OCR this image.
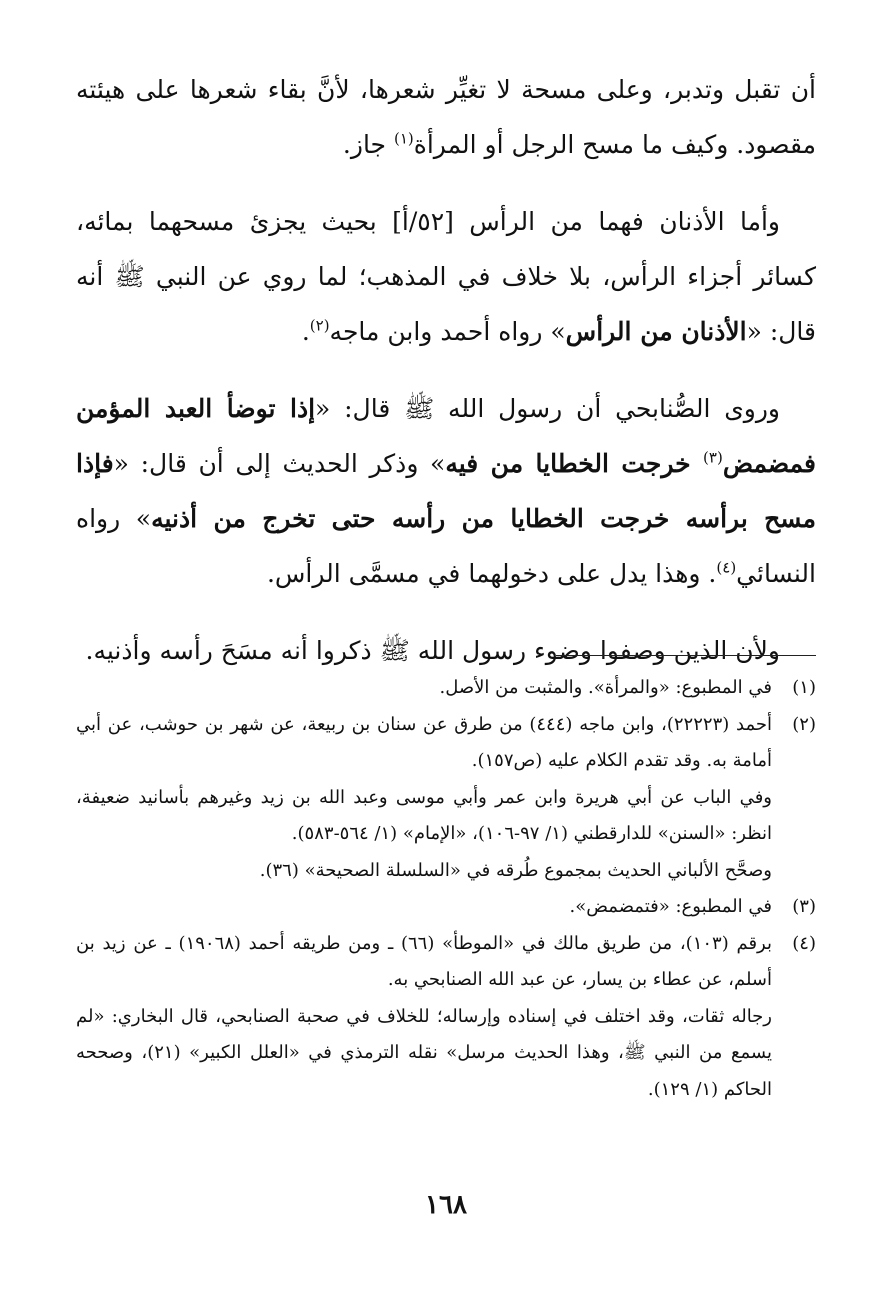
أن تقبل وتدبر، وعلى مسحة لا تغيِّر شعرها، لأنَّ بقاء شعرها على هيئته مقصود. وكيف ما مسح الرجل أو المرأة$^{(١)}$ جاز.

وأما الأذنان فهما من الرأس [٥٢/أ] بحيث يجزئ مسحهما بمائه، كسائر أجزاء الرأس، بلا خلاف في المذهب؛ لما روي عن النبي ﷺ أنه قال: «الأذنان من الرأس» رواه أحمد وابن ماجه$^{(٢)}$.

وروى الصُّنابحي أن رسول الله ﷺ قال: «إذا توضأ العبد المؤمن فمضمض$^{(٣)}$ خرجت الخطايا من فيه» وذكر الحديث إلى أن قال: «فإذا مسح برأسه خرجت الخطايا من رأسه حتى تخرج من أذنيه» رواه النسائي$^{(٤)}$. وهذا يدل على دخولهما في مسمَّى الرأس.

ولأن الذين وصفوا وضوء رسول الله ﷺ ذكروا أنه مسَحَ رأسه وأذنيه.

(١)
في المطبوع: «والمرأة». والمثبت من الأصل.
(٢)
أحمد (٢٢٢٢٣)، وابن ماجه (٤٤٤) من طرق عن سنان بن ربيعة، عن شهر بن حوشب، عن أبي أمامة به. وقد تقدم الكلام عليه (ص١٥٧).
وفي الباب عن أبي هريرة وابن عمر وأبي موسى وعبد الله بن زيد وغيرهم بأسانيد ضعيفة، انظر: «السنن» للدارقطني (١/ ٩٧-١٠٦)، «الإمام» (١/ ٥٦٤-٥٨٣).
وصحَّح الألباني الحديث بمجموع طُرقه في «السلسلة الصحيحة» (٣٦).
(٣)
في المطبوع: «فتمضمض».
(٤)
برقم (١٠٣)، من طريق مالك في «الموطأ» (٦٦) ـ ومن طريقه أحمد (١٩٠٦٨) ـ عن زيد بن أسلم، عن عطاء بن يسار، عن عبد الله الصنابحي به.
رجاله ثقات، وقد اختلف في إسناده وإرساله؛ للخلاف في صحبة الصنابحي، قال البخاري: «لم يسمع من النبي ﷺ، وهذا الحديث مرسل» نقله الترمذي في «العلل الكبير» (٢١)، وصححه الحاكم (١/ ١٢٩).
١٦٨
